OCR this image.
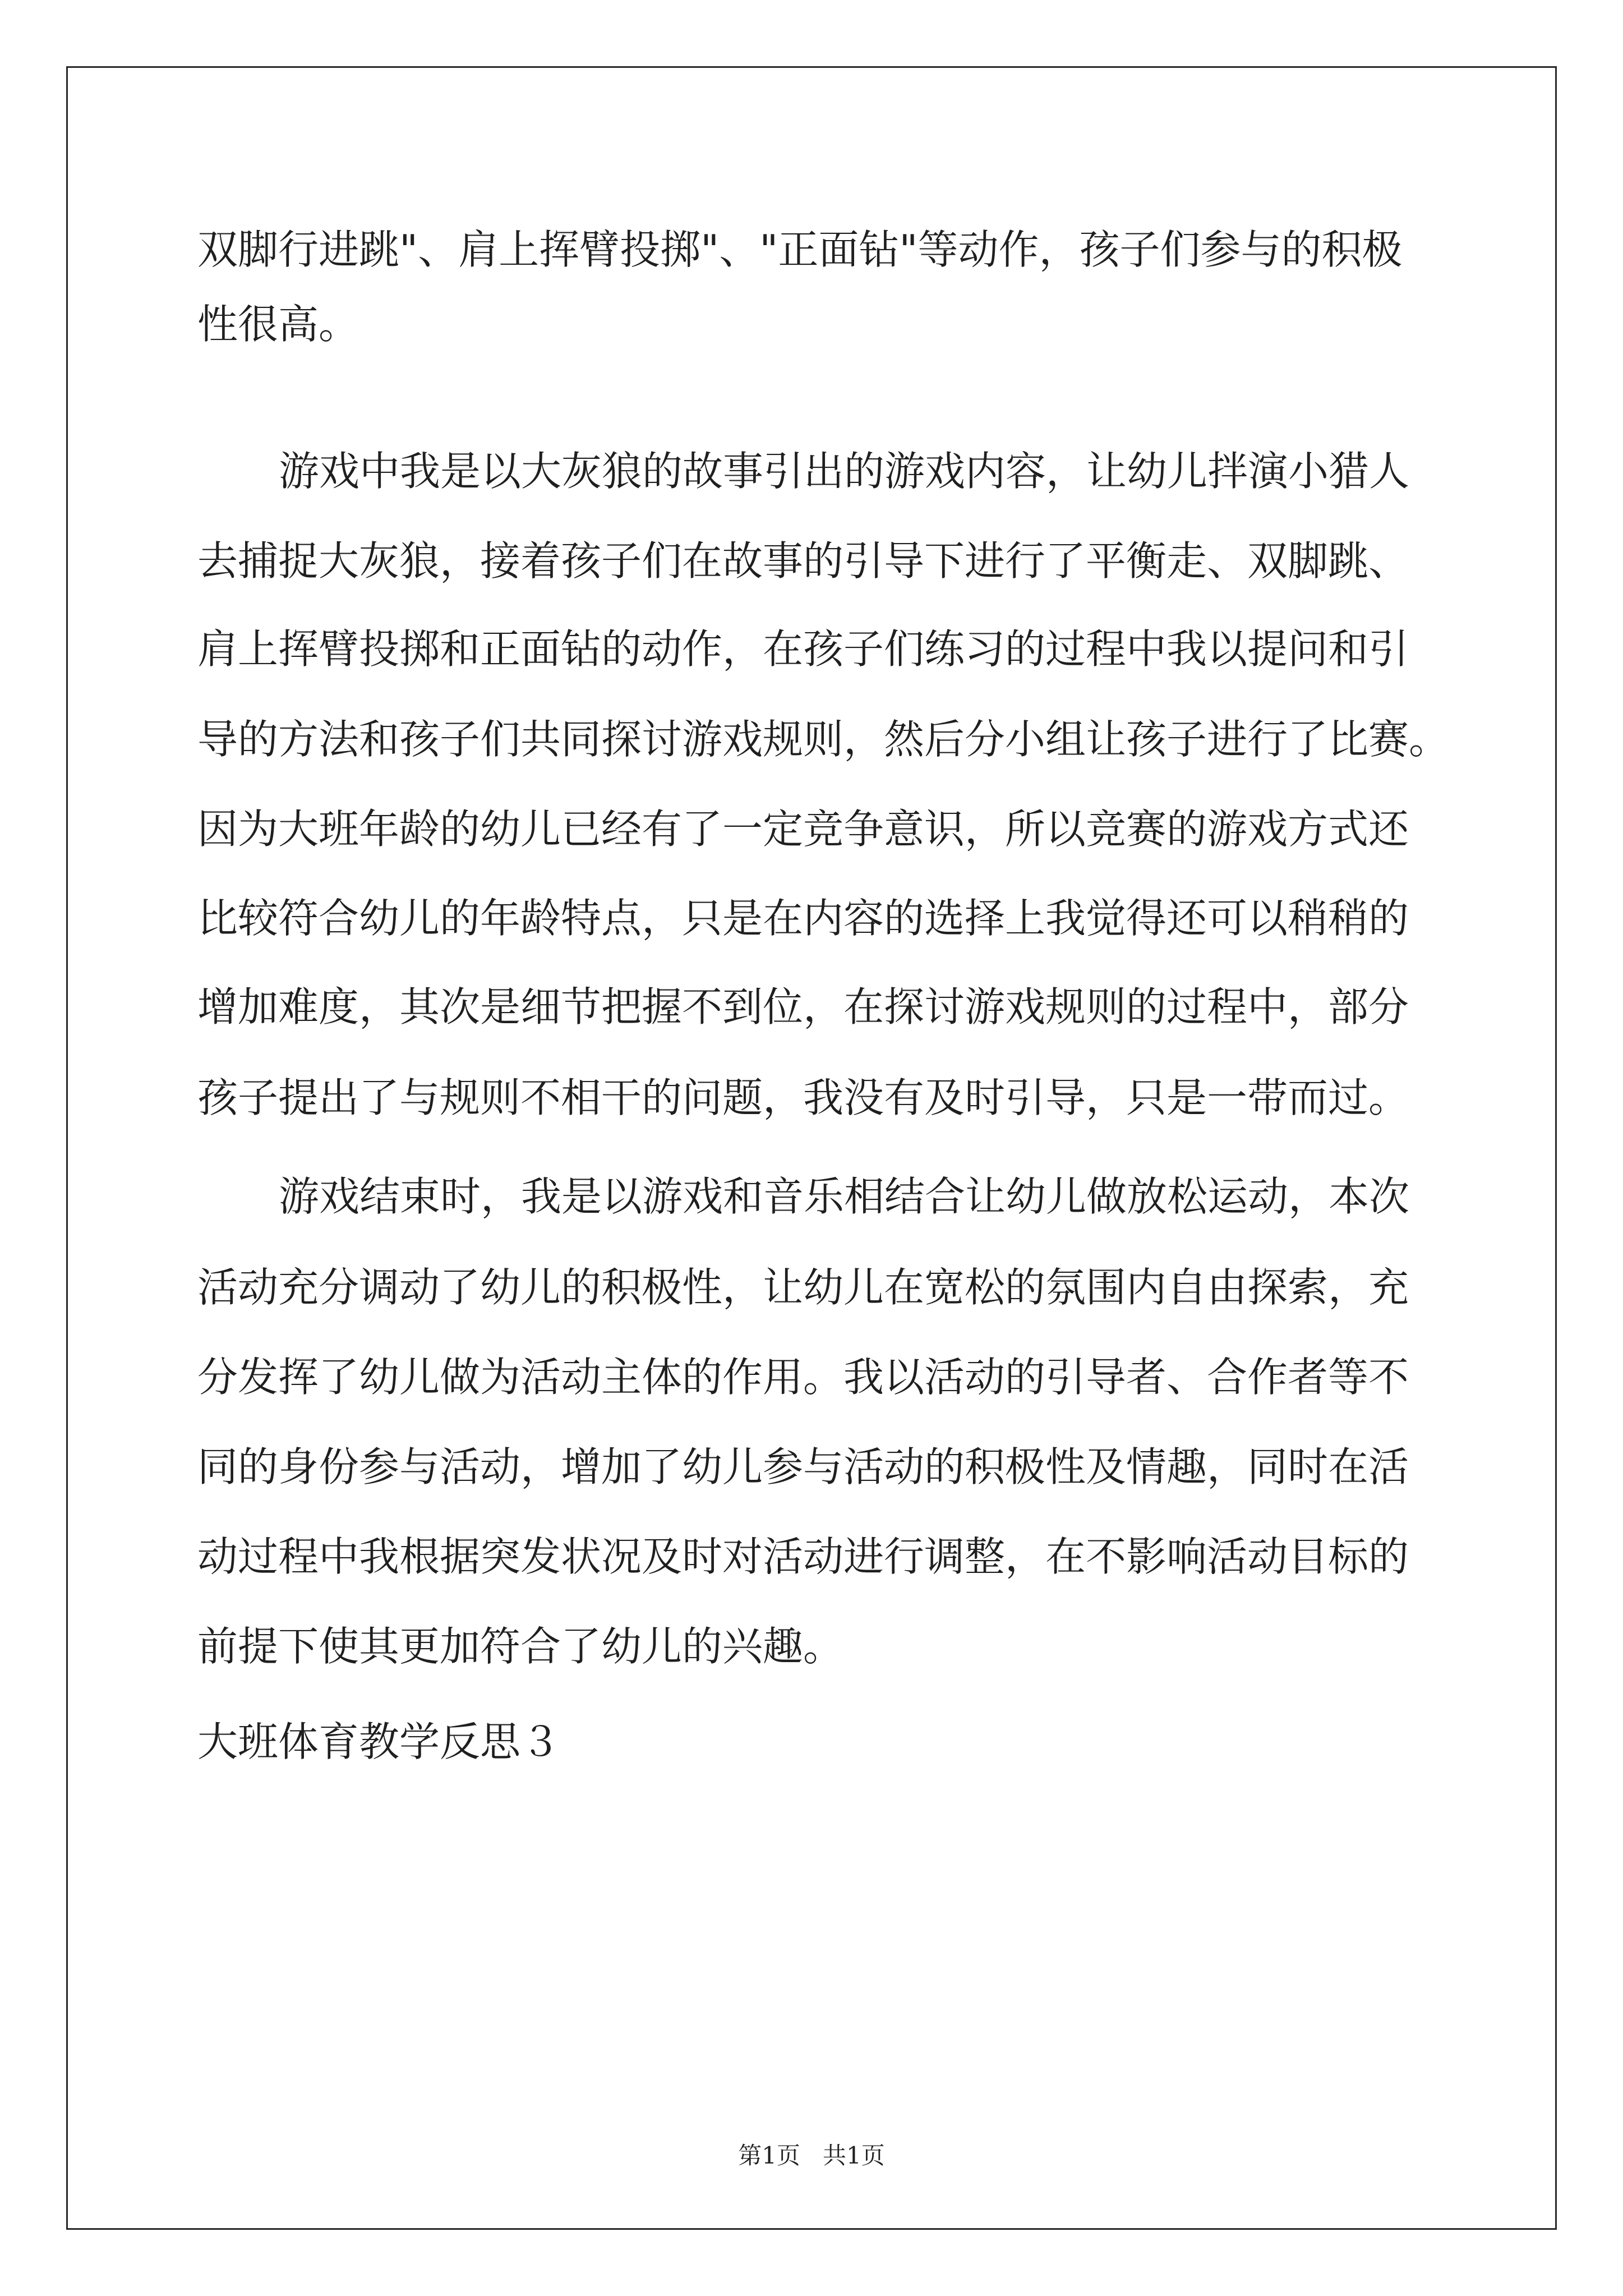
双脚行进跳"、肩上挥臂投掷"、"正面钻"等动作，孩子们参与的积极

性很高。

游戏中我是以大灰狼的故事引出的游戏内容，让幼儿拌演小猎人

去捕捉大灰狼，接着孩子们在故事的引导下进行了平衡走、双脚跳、

肩上挥臂投掷和正面钻的动作，在孩子们练习的过程中我以提问和引

导的方法和孩子们共同探讨游戏规则，然后分小组让孩子进行了比赛。

因为大班年龄的幼儿已经有了一定竞争意识，所以竞赛的游戏方式还

比较符合幼儿的年龄特点，只是在内容的选择上我觉得还可以稍稍的

增加难度，其次是细节把握不到位，在探讨游戏规则的过程中，部分

孩子提出了与规则不相干的问题，我没有及时引导，只是一带而过。

游戏结束时，我是以游戏和音乐相结合让幼儿做放松运动，本次

活动充分调动了幼儿的积极性，让幼儿在宽松的氛围内自由探索，充

分发挥了幼儿做为活动主体的作用。我以活动的引导者、合作者等不

同的身份参与活动，增加了幼儿参与活动的积极性及情趣，同时在活

动过程中我根据突发状况及时对活动进行调整，在不影响活动目标的

前提下使其更加符合了幼儿的兴趣。

大班体育教学反思３

第1页   共1页
